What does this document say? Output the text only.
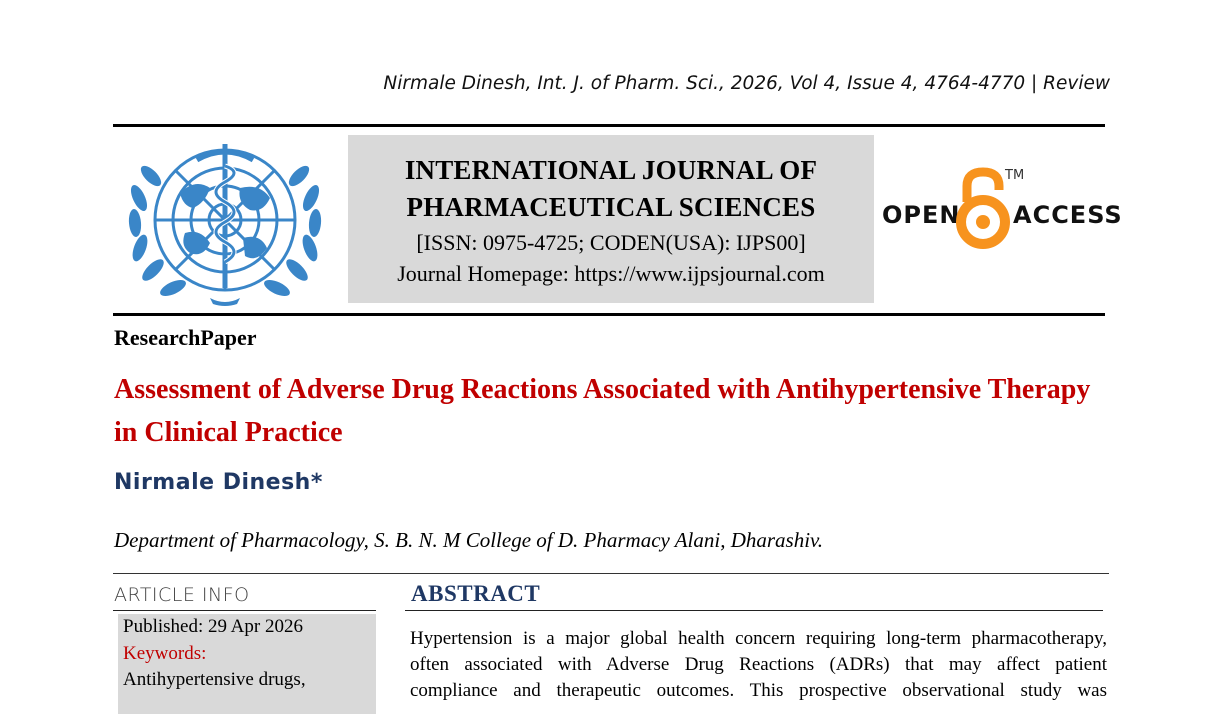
Nirmale Dinesh, Int. J. of Pharm. Sci., 2026, Vol 4, Issue 4, 4764-4770 | Review
INTERNATIONAL JOURNAL OF
PHARMACEUTICAL SCIENCES
[ISSN: 0975-4725; CODEN(USA): IJPS00]
Journal Homepage: https://www.ijpsjournal.com
OPEN
TM
ACCESS
ResearchPaper
Assessment of Adverse Drug Reactions Associated with Antihypertensive Therapy in Clinical Practice
Nirmale Dinesh*
Department of Pharmacology, S. B. N. M College of D. Pharmacy Alani, Dharashiv.
ARTICLE INFO
Published: 29 Apr 2026
Keywords:
Antihypertensive drugs,
ABSTRACT
Hypertension is a major global health concern requiring long-term pharmacotherapy,
often associated with Adverse Drug Reactions (ADRs) that may affect patient
compliance and therapeutic outcomes. This prospective observational study was
